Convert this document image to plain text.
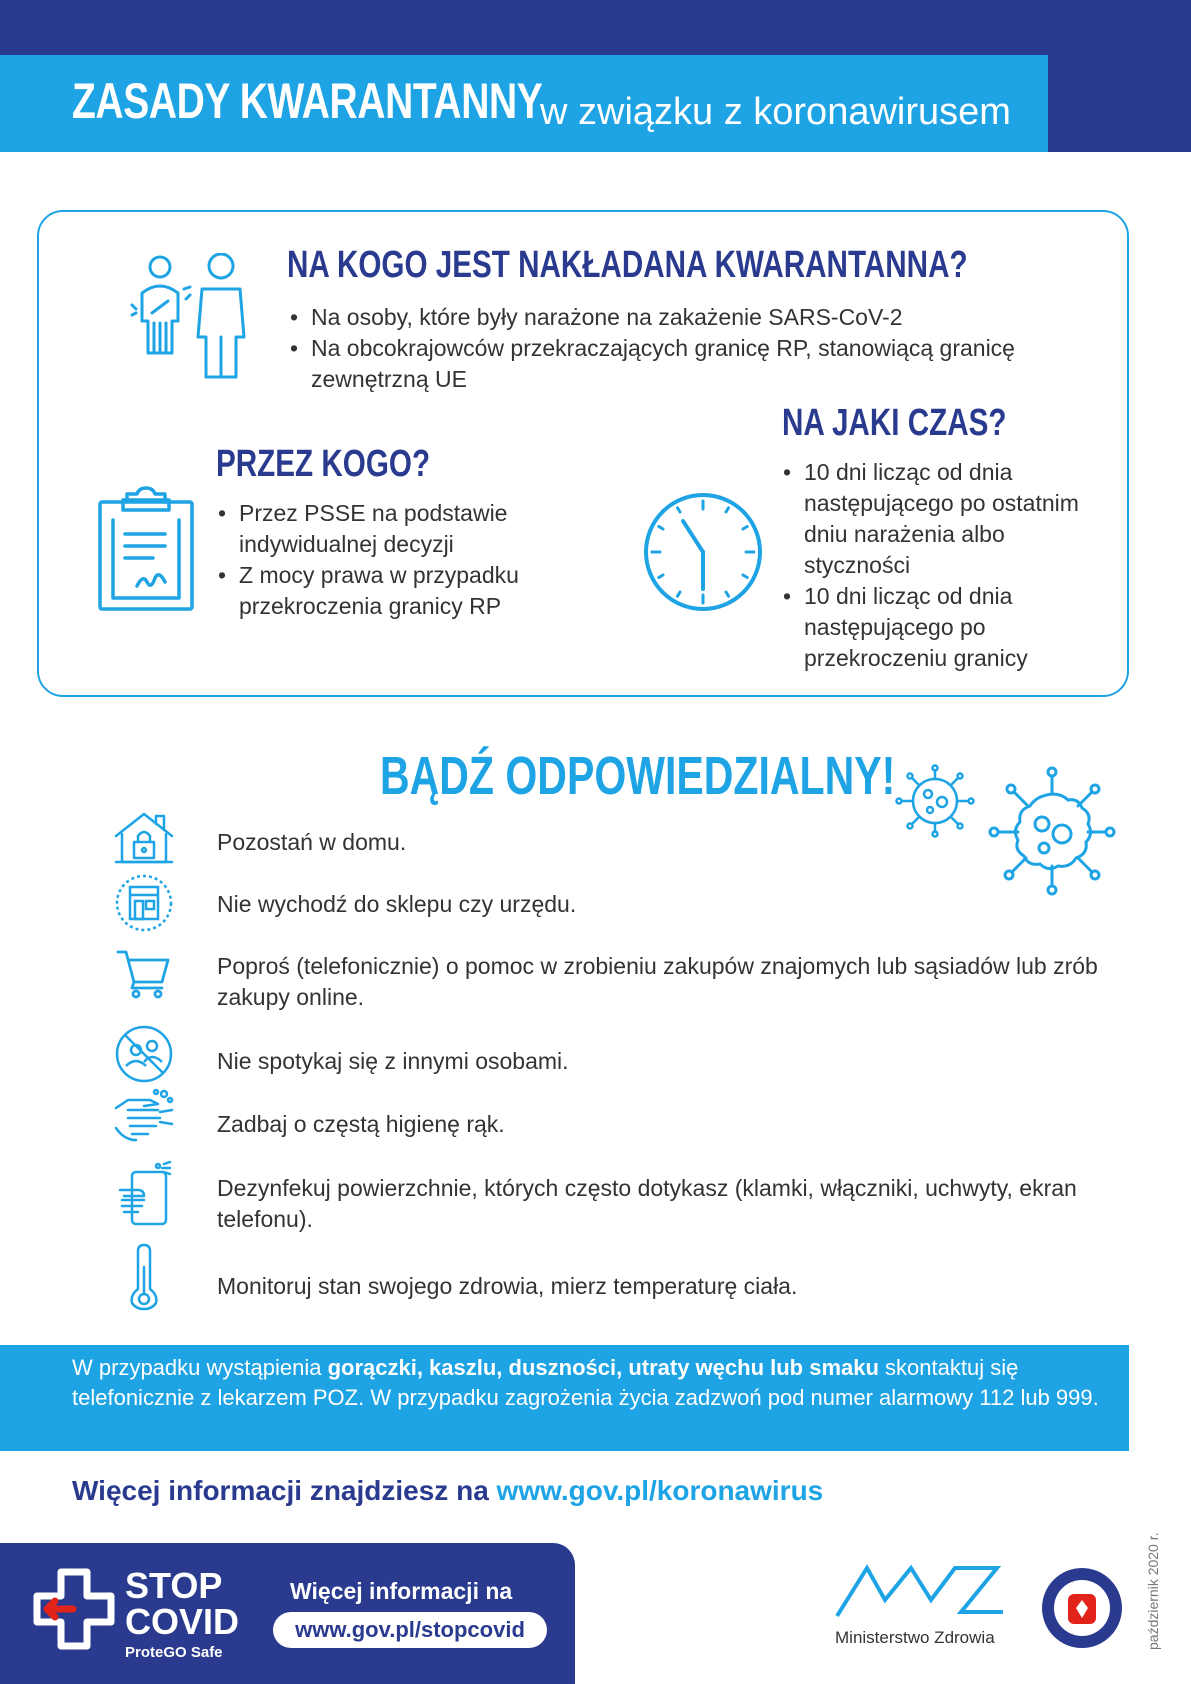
ZASADY KWARANTANNY
w związku z koronawirusem
NA KOGO JEST NAKŁADANA KWARANTANNA?
• Na osoby, które były narażone na zakażenie SARS-CoV-2
• Na obcokrajowców przekraczających granicę RP, stanowiącą granicę zewnętrzną UE
PRZEZ KOGO?
• Przez PSSE na podstawie indywidualnej decyzji
• Z mocy prawa w przypadku przekroczenia granicy RP
NA JAKI CZAS?
• 10 dni licząc od dnia następującego po ostatnim dniu narażenia albo styczności
• 10 dni licząc od dnia następującego po przekroczeniu granicy
BĄDŹ ODPOWIEDZIALNY!
Pozostań w domu.
Nie wychodź do sklepu czy urzędu.
Poproś (telefonicznie) o pomoc w zrobieniu zakupów znajomych lub sąsiadów lub zrób zakupy online.
Nie spotykaj się z innymi osobami.
Zadbaj o częstą higienę rąk.
Dezynfekuj powierzchnie, których często dotykasz (klamki, włączniki, uchwyty, ekran telefonu).
Monitoruj stan swojego zdrowia, mierz temperaturę ciała.
W przypadku wystąpienia gorączki, kaszlu, duszności, utraty węchu lub smaku skontaktuj się telefonicznie z lekarzem POZ. W przypadku zagrożenia życia zadzwoń pod numer alarmowy 112 lub 999.
Więcej informacji znajdziesz na www.gov.pl/koronawirus
STOP
COVID
ProteGO Safe
Więcej informacji na
www.gov.pl/stopcovid	Ministerstwo Zdrowia	październik 2020 r.
